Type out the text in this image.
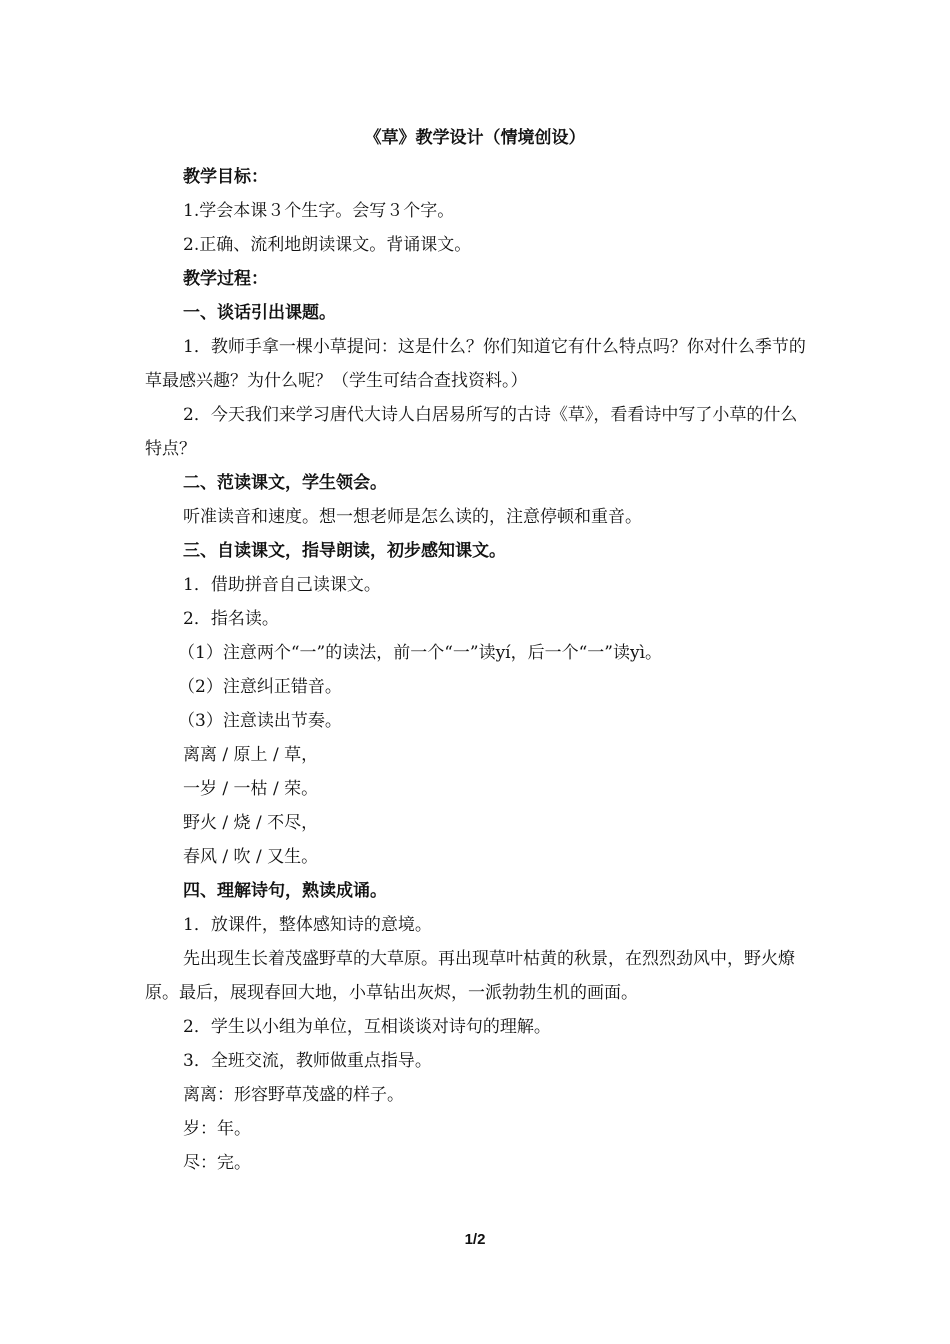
《草》教学设计（情境创设）

教学目标：

1.学会本课３个生字。会写３个字。

2.正确、流利地朗读课文。背诵课文。

教学过程：

一、谈话引出课题。

1．教师手拿一棵小草提问：这是什么？你们知道它有什么特点吗？你对什么季节的草最感兴趣？为什么呢？（学生可结合查找资料。）

2．今天我们来学习唐代大诗人白居易所写的古诗《草》，看看诗中写了小草的什么特点？

二、范读课文，学生领会。

听准读音和速度。想一想老师是怎么读的，注意停顿和重音。

三、自读课文，指导朗读，初步感知课文。

1．借助拼音自己读课文。

2．指名读。

（1）注意两个“一”的读法，前一个“一”读yí，后一个“一”读yì。

（2）注意纠正错音。

（3）注意读出节奏。

离离 / 原上 / 草，

一岁 / 一枯 / 荣。

野火 / 烧 / 不尽，

春风 / 吹 / 又生。

四、理解诗句，熟读成诵。

1．放课件，整体感知诗的意境。

先出现生长着茂盛野草的大草原。再出现草叶枯黄的秋景，在烈烈劲风中，野火燎原。最后，展现春回大地，小草钻出灰烬，一派勃勃生机的画面。

2．学生以小组为单位，互相谈谈对诗句的理解。

3．全班交流，教师做重点指导。

离离：形容野草茂盛的样子。

岁：年。

尽：完。

1/2
